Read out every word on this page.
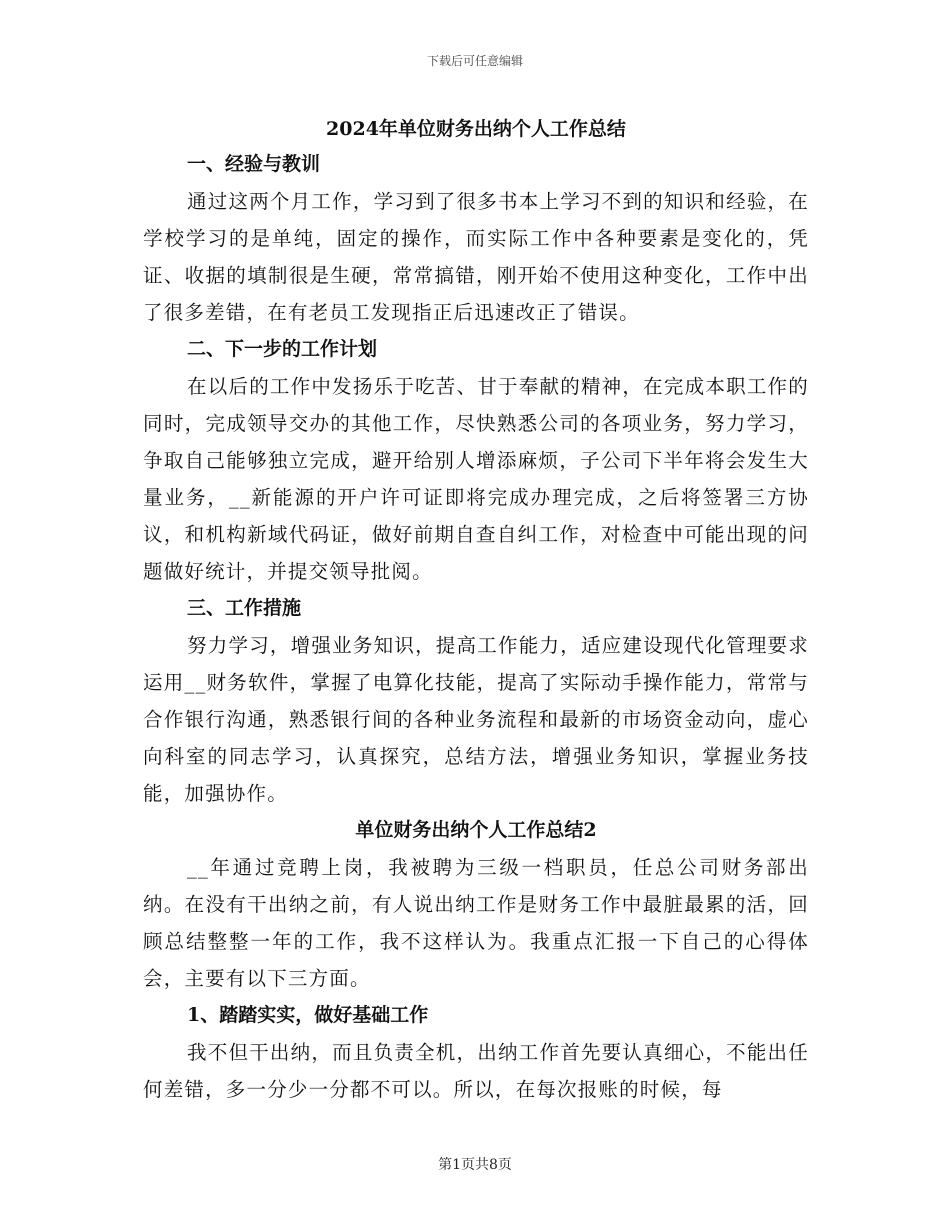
下载后可任意编辑
2024年单位财务出纳个人工作总结
一、经验与教训

通过这两个月工作，学习到了很多书本上学习不到的知识和经验，在学校学习的是单纯，固定的操作，而实际工作中各种要素是变化的，凭证、收据的填制很是生硬，常常搞错，刚开始不使用这种变化，工作中出了很多差错，在有老员工发现指正后迅速改正了错误。

二、下一步的工作计划

在以后的工作中发扬乐于吃苦、甘于奉献的精神，在完成本职工作的同时，完成领导交办的其他工作，尽快熟悉公司的各项业务，努力学习，争取自己能够独立完成，避开给别人增添麻烦，子公司下半年将会发生大量业务，__新能源的开户许可证即将完成办理完成，之后将签署三方协议，和机构新域代码证，做好前期自查自纠工作，对检查中可能出现的问题做好统计，并提交领导批阅。

三、工作措施

努力学习，增强业务知识，提高工作能力，适应建设现代化管理要求运用__财务软件，掌握了电算化技能，提高了实际动手操作能力，常常与合作银行沟通，熟悉银行间的各种业务流程和最新的市场资金动向，虚心向科室的同志学习，认真探究，总结方法，增强业务知识，掌握业务技能，加强协作。

单位财务出纳个人工作总结2

__年通过竞聘上岗，我被聘为三级一档职员，任总公司财务部出纳。在没有干出纳之前，有人说出纳工作是财务工作中最脏最累的活，回顾总结整整一年的工作，我不这样认为。我重点汇报一下自己的心得体会，主要有以下三方面。

1、踏踏实实，做好基础工作

我不但干出纳，而且负责全机，出纳工作首先要认真细心，不能出任何差错，多一分少一分都不可以。所以，在每次报账的时候，每

第1页共8页
